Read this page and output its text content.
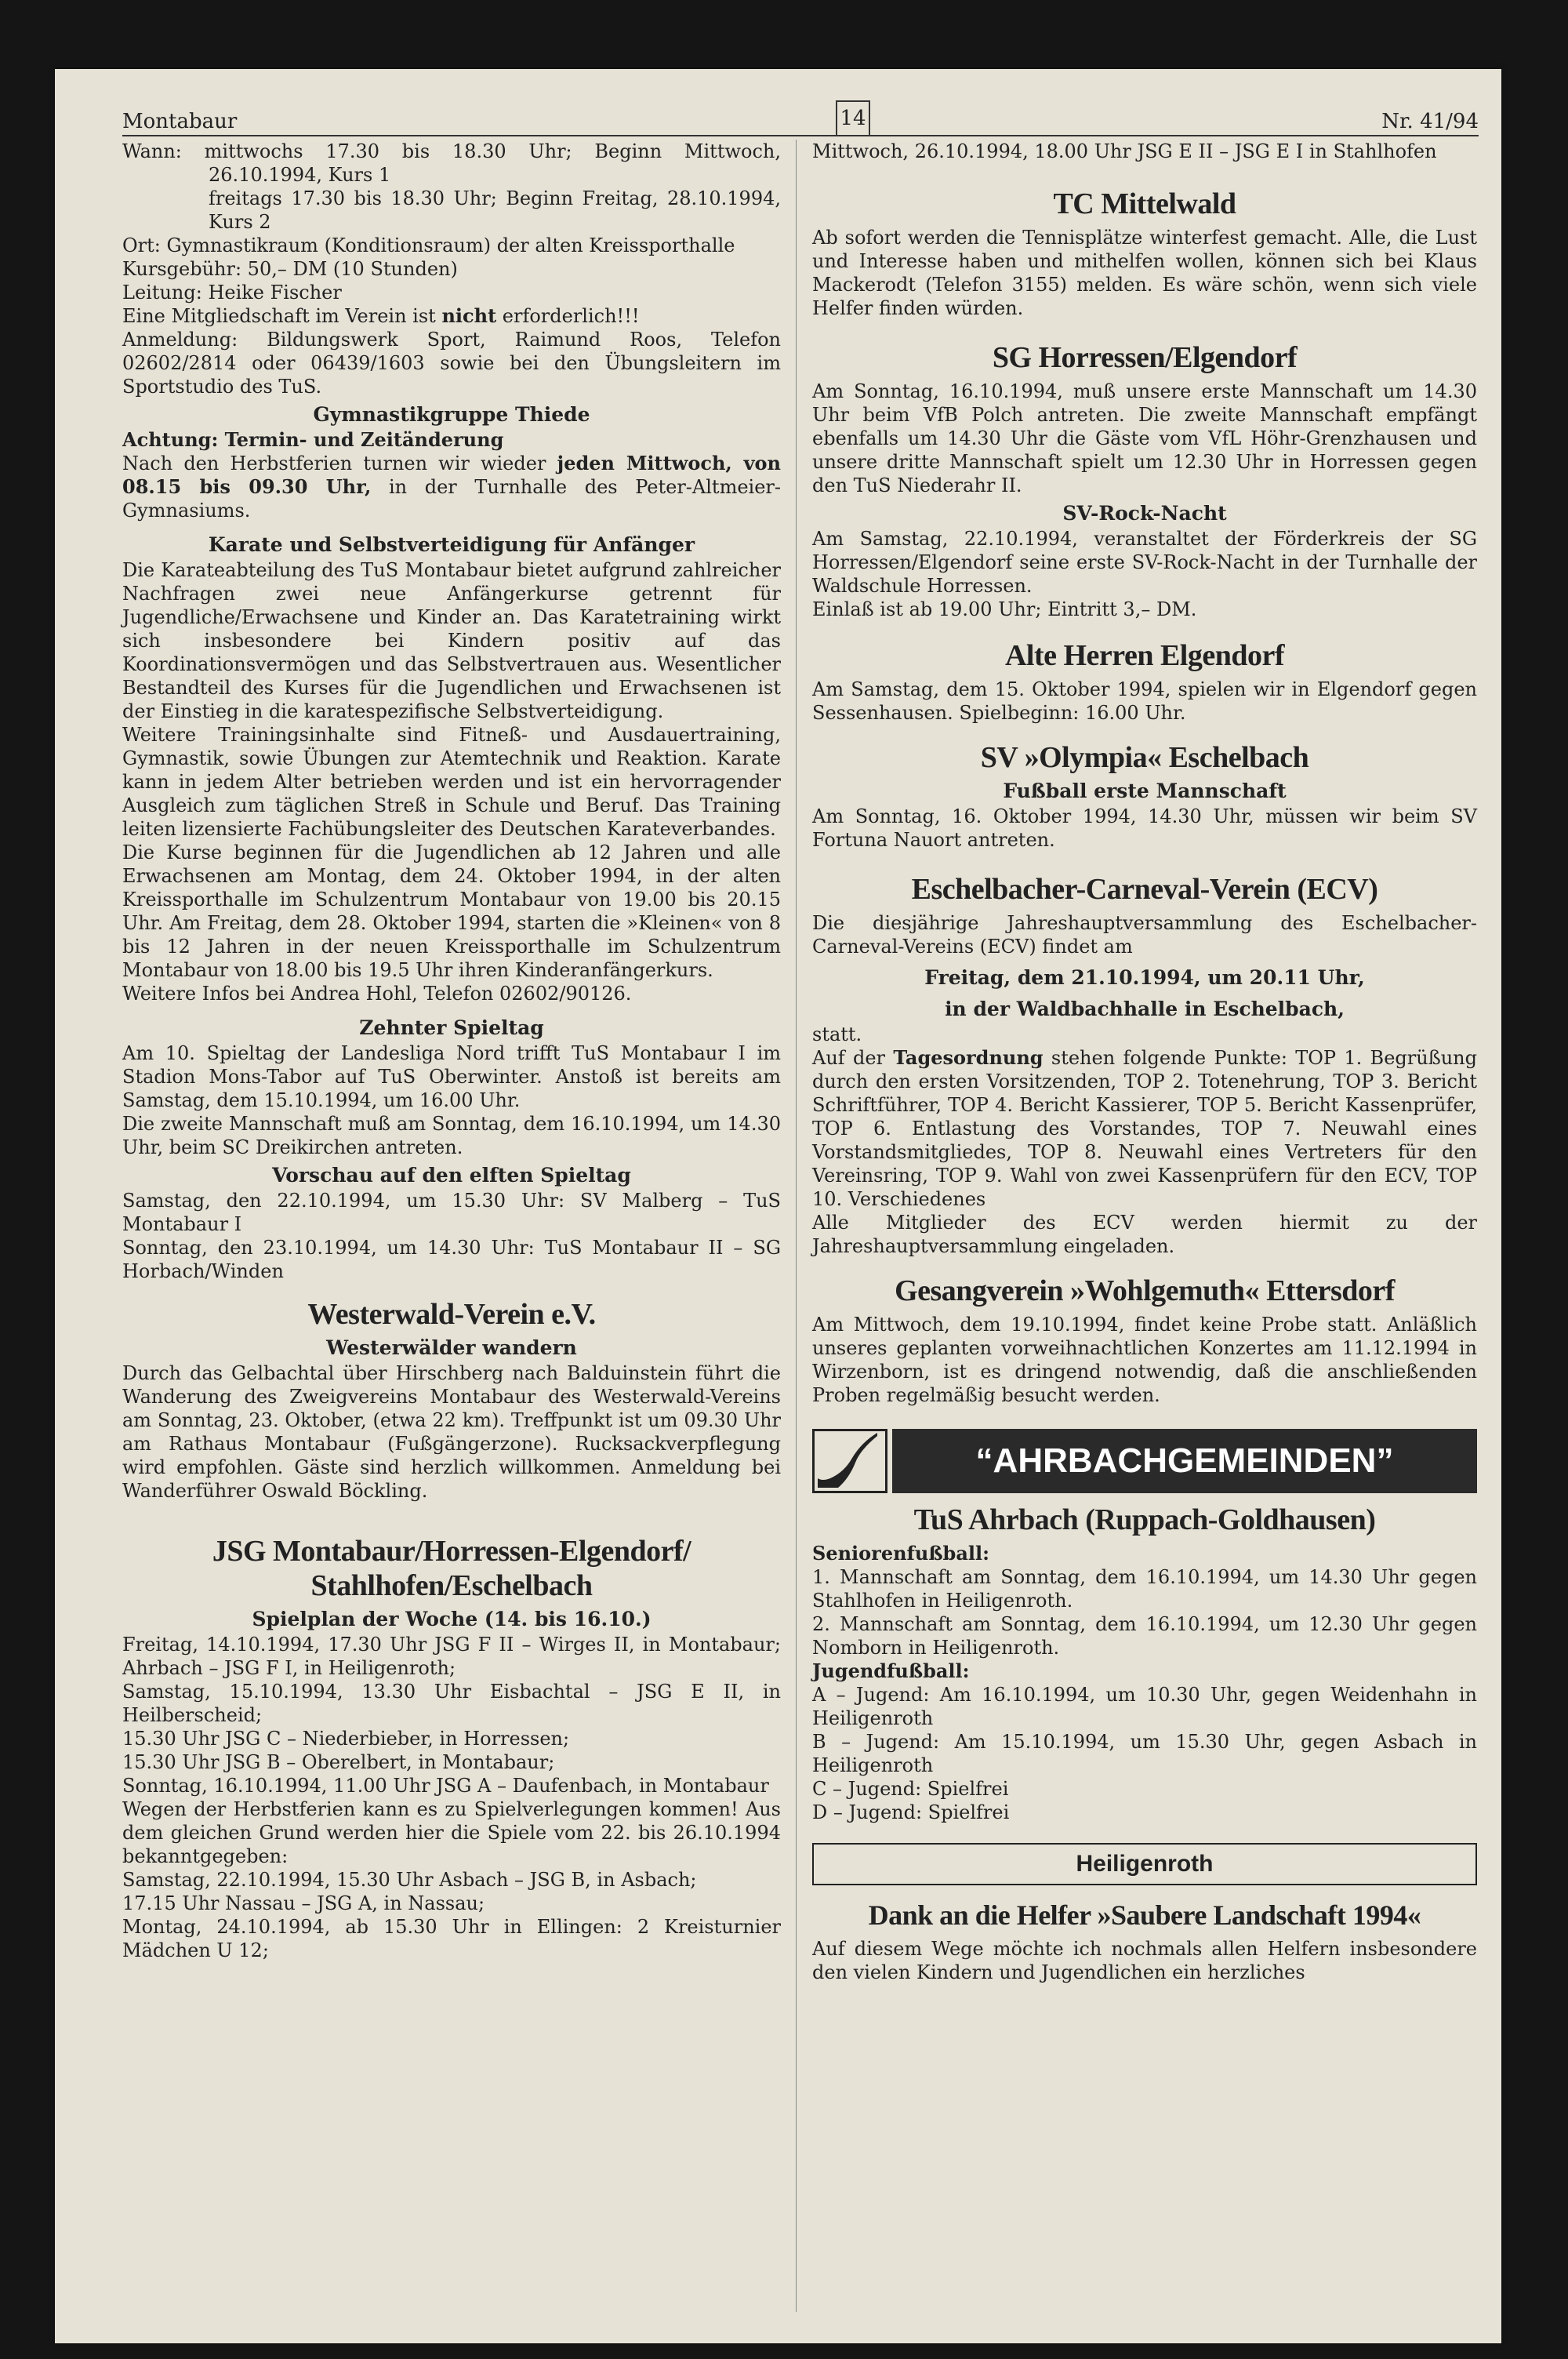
Montabaur	14	Nr. 41/94

Wann: mittwochs 17.30 bis 18.30 Uhr; Beginn Mittwoch, 26.10.1994, Kurs 1

freitags 17.30 bis 18.30 Uhr; Beginn Freitag, 28.10.1994, Kurs 2

Ort: Gymnastikraum (Konditionsraum) der alten Kreissporthalle

Kursgebühr: 50,– DM (10 Stunden)

Leitung: Heike Fischer

Eine Mitgliedschaft im Verein ist nicht erforderlich!!!

Anmeldung: Bildungswerk Sport, Raimund Roos, Telefon 02602/2814 oder 06439/1603 sowie bei den Übungsleitern im Sportstudio des TuS.

Gymnastikgruppe Thiede

Achtung: Termin- und Zeitänderung

Nach den Herbstferien turnen wir wieder jeden Mittwoch, von 08.15 bis 09.30 Uhr, in der Turnhalle des Peter-Altmeier-Gymnasiums.

Karate und Selbstverteidigung für Anfänger

Die Karateabteilung des TuS Montabaur bietet aufgrund zahlreicher Nachfragen zwei neue Anfängerkurse getrennt für Jugendliche/Erwachsene und Kinder an. Das Karatetraining wirkt sich insbesondere bei Kindern positiv auf das Koordinationsvermögen und das Selbstvertrauen aus. Wesentlicher Bestandteil des Kurses für die Jugendlichen und Erwachsenen ist der Einstieg in die karatespezifische Selbstverteidigung.

Weitere Trainingsinhalte sind Fitneß- und Ausdauertraining, Gymnastik, sowie Übungen zur Atemtechnik und Reaktion. Karate kann in jedem Alter betrieben werden und ist ein hervorragender Ausgleich zum täglichen Streß in Schule und Beruf. Das Training leiten lizensierte Fachübungsleiter des Deutschen Karateverbandes.

Die Kurse beginnen für die Jugendlichen ab 12 Jahren und alle Erwachsenen am Montag, dem 24. Oktober 1994, in der alten Kreissporthalle im Schulzentrum Montabaur von 19.00 bis 20.15 Uhr. Am Freitag, dem 28. Oktober 1994, starten die »Kleinen« von 8 bis 12 Jahren in der neuen Kreissporthalle im Schulzentrum Montabaur von 18.00 bis 19.5 Uhr ihren Kinderanfängerkurs.

Weitere Infos bei Andrea Hohl, Telefon 02602/90126.

Zehnter Spieltag

Am 10. Spieltag der Landesliga Nord trifft TuS Montabaur I im Stadion Mons-Tabor auf TuS Oberwinter. Anstoß ist bereits am Samstag, dem 15.10.1994, um 16.00 Uhr.

Die zweite Mannschaft muß am Sonntag, dem 16.10.1994, um 14.30 Uhr, beim SC Dreikirchen antreten.

Vorschau auf den elften Spieltag

Samstag, den 22.10.1994, um 15.30 Uhr: SV Malberg – TuS Montabaur I

Sonntag, den 23.10.1994, um 14.30 Uhr: TuS Montabaur II – SG Horbach/Winden

Westerwald-Verein e.V.
Westerwälder wandern

Durch das Gelbachtal über Hirschberg nach Balduinstein führt die Wanderung des Zweigvereins Montabaur des Westerwald-Vereins am Sonntag, 23. Oktober, (etwa 22 km). Treffpunkt ist um 09.30 Uhr am Rathaus Montabaur (Fußgängerzone). Rucksackverpflegung wird empfohlen. Gäste sind herzlich willkommen. Anmeldung bei Wanderführer Oswald Böckling.

JSG Montabaur/Horressen-Elgendorf/ Stahlhofen/Eschelbach
Spielplan der Woche (14. bis 16.10.)

Freitag, 14.10.1994, 17.30 Uhr JSG F II – Wirges II, in Montabaur; Ahrbach – JSG F I, in Heiligenroth;

Samstag, 15.10.1994, 13.30 Uhr Eisbachtal – JSG E II, in Heilberscheid;

15.30 Uhr JSG C – Niederbieber, in Horressen;

15.30 Uhr JSG B – Oberelbert, in Montabaur;

Sonntag, 16.10.1994, 11.00 Uhr JSG A – Daufenbach, in Montabaur

Wegen der Herbstferien kann es zu Spielverlegungen kommen! Aus dem gleichen Grund werden hier die Spiele vom 22. bis 26.10.1994 bekanntgegeben:

Samstag, 22.10.1994, 15.30 Uhr Asbach – JSG B, in Asbach;

17.15 Uhr Nassau – JSG A, in Nassau;

Montag, 24.10.1994, ab 15.30 Uhr in Ellingen: 2 Kreisturnier Mädchen U 12;

Mittwoch, 26.10.1994, 18.00 Uhr JSG E II – JSG E I in Stahlhofen

TC Mittelwald

Ab sofort werden die Tennisplätze winterfest gemacht. Alle, die Lust und Interesse haben und mithelfen wollen, können sich bei Klaus Mackerodt (Telefon 3155) melden. Es wäre schön, wenn sich viele Helfer finden würden.

SG Horressen/Elgendorf

Am Sonntag, 16.10.1994, muß unsere erste Mannschaft um 14.30 Uhr beim VfB Polch antreten. Die zweite Mannschaft empfängt ebenfalls um 14.30 Uhr die Gäste vom VfL Höhr-Grenzhausen und unsere dritte Mannschaft spielt um 12.30 Uhr in Horressen gegen den TuS Niederahr II.

SV-Rock-Nacht

Am Samstag, 22.10.1994, veranstaltet der Förderkreis der SG Horressen/Elgendorf seine erste SV-Rock-Nacht in der Turnhalle der Waldschule Horressen.

Einlaß ist ab 19.00 Uhr; Eintritt 3,– DM.

Alte Herren Elgendorf

Am Samstag, dem 15. Oktober 1994, spielen wir in Elgendorf gegen Sessenhausen. Spielbeginn: 16.00 Uhr.

SV »Olympia« Eschelbach
Fußball erste Mannschaft

Am Sonntag, 16. Oktober 1994, 14.30 Uhr, müssen wir beim SV Fortuna Nauort antreten.

Eschelbacher-Carneval-Verein (ECV)

Die diesjährige Jahreshauptversammlung des Eschelbacher-Carneval-Vereins (ECV) findet am

Freitag, dem 21.10.1994, um 20.11 Uhr,
in der Waldbachhalle in Eschelbach,

statt.

Auf der Tagesordnung stehen folgende Punkte: TOP 1. Begrüßung durch den ersten Vorsitzenden, TOP 2. Totenehrung, TOP 3. Bericht Schriftführer, TOP 4. Bericht Kassierer, TOP 5. Bericht Kassenprüfer, TOP 6. Entlastung des Vorstandes, TOP 7. Neuwahl eines Vorstandsmitgliedes, TOP 8. Neuwahl eines Vertreters für den Vereinsring, TOP 9. Wahl von zwei Kassenprüfern für den ECV, TOP 10. Verschiedenes

Alle Mitglieder des ECV werden hiermit zu der Jahreshauptversammlung eingeladen.

Gesangverein »Wohlgemuth« Ettersdorf

Am Mittwoch, dem 19.10.1994, findet keine Probe statt. Anläßlich unseres geplanten vorweihnachtlichen Konzertes am 11.12.1994 in Wirzenborn, ist es dringend notwendig, daß die anschließenden Proben regelmäßig besucht werden.

“AHRBACHGEMEINDEN”
TuS Ahrbach (Ruppach-Goldhausen)

Seniorenfußball:

1. Mannschaft am Sonntag, dem 16.10.1994, um 14.30 Uhr gegen Stahlhofen in Heiligenroth.

2. Mannschaft am Sonntag, dem 16.10.1994, um 12.30 Uhr gegen Nomborn in Heiligenroth.

Jugendfußball:

A – Jugend: Am 16.10.1994, um 10.30 Uhr, gegen Weidenhahn in Heiligenroth

B – Jugend: Am 15.10.1994, um 15.30 Uhr, gegen Asbach in Heiligenroth

C – Jugend: Spielfrei

D – Jugend: Spielfrei

Heiligenroth
Dank an die Helfer »Saubere Landschaft 1994«

Auf diesem Wege möchte ich nochmals allen Helfern insbesondere den vielen Kindern und Jugendlichen ein herzliches
